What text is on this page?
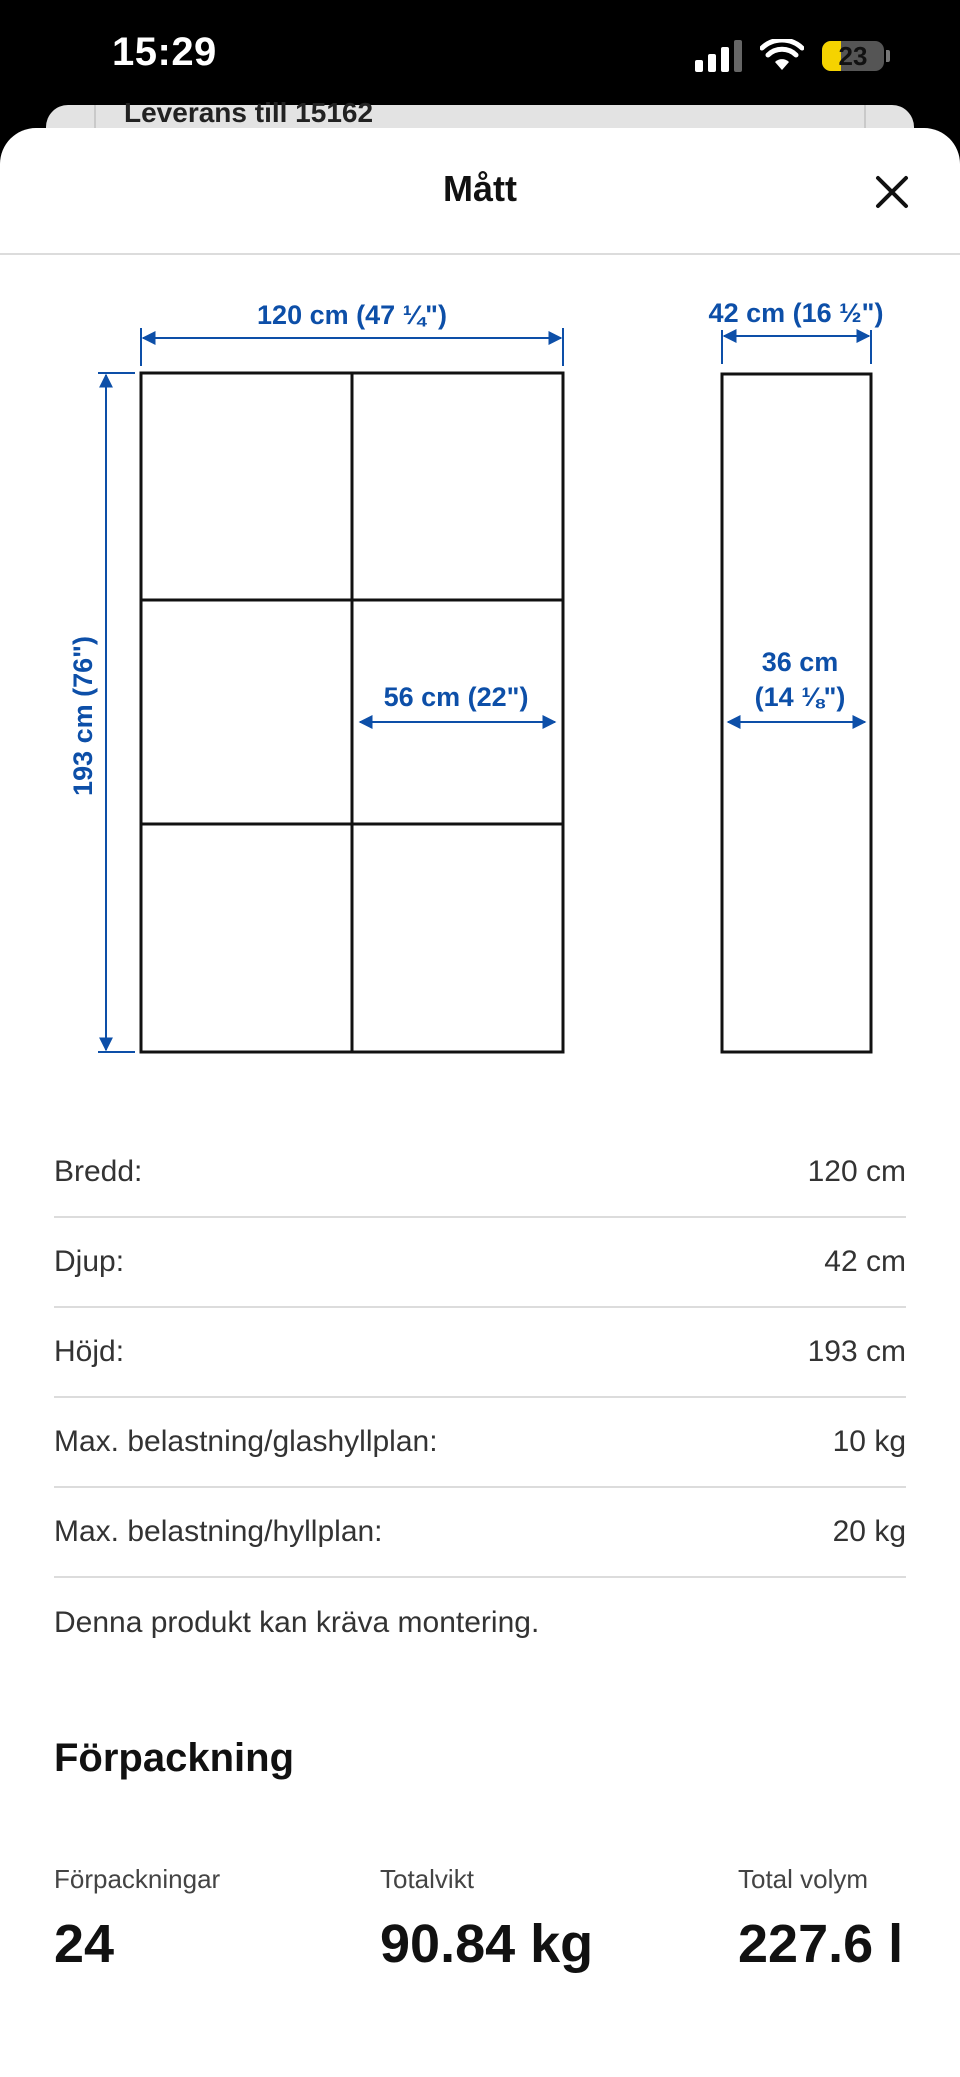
15:29	23
Leverans till 15162
Mått
120 cm (47 ¼")
193 cm (76")	56 cm (22")
42 cm (16 ½")
36 cm
(14 ⅛")
Bredd:	120 cm
Djup:	42 cm
Höjd:	193 cm
Max. belastning/glashyllplan:	10 kg
Max. belastning/hyllplan:	20 kg
Denna produkt kan kräva montering.
Förpackning
Förpackningar
24
Totalvikt
90.84 kg
Total volym
227.6 l
